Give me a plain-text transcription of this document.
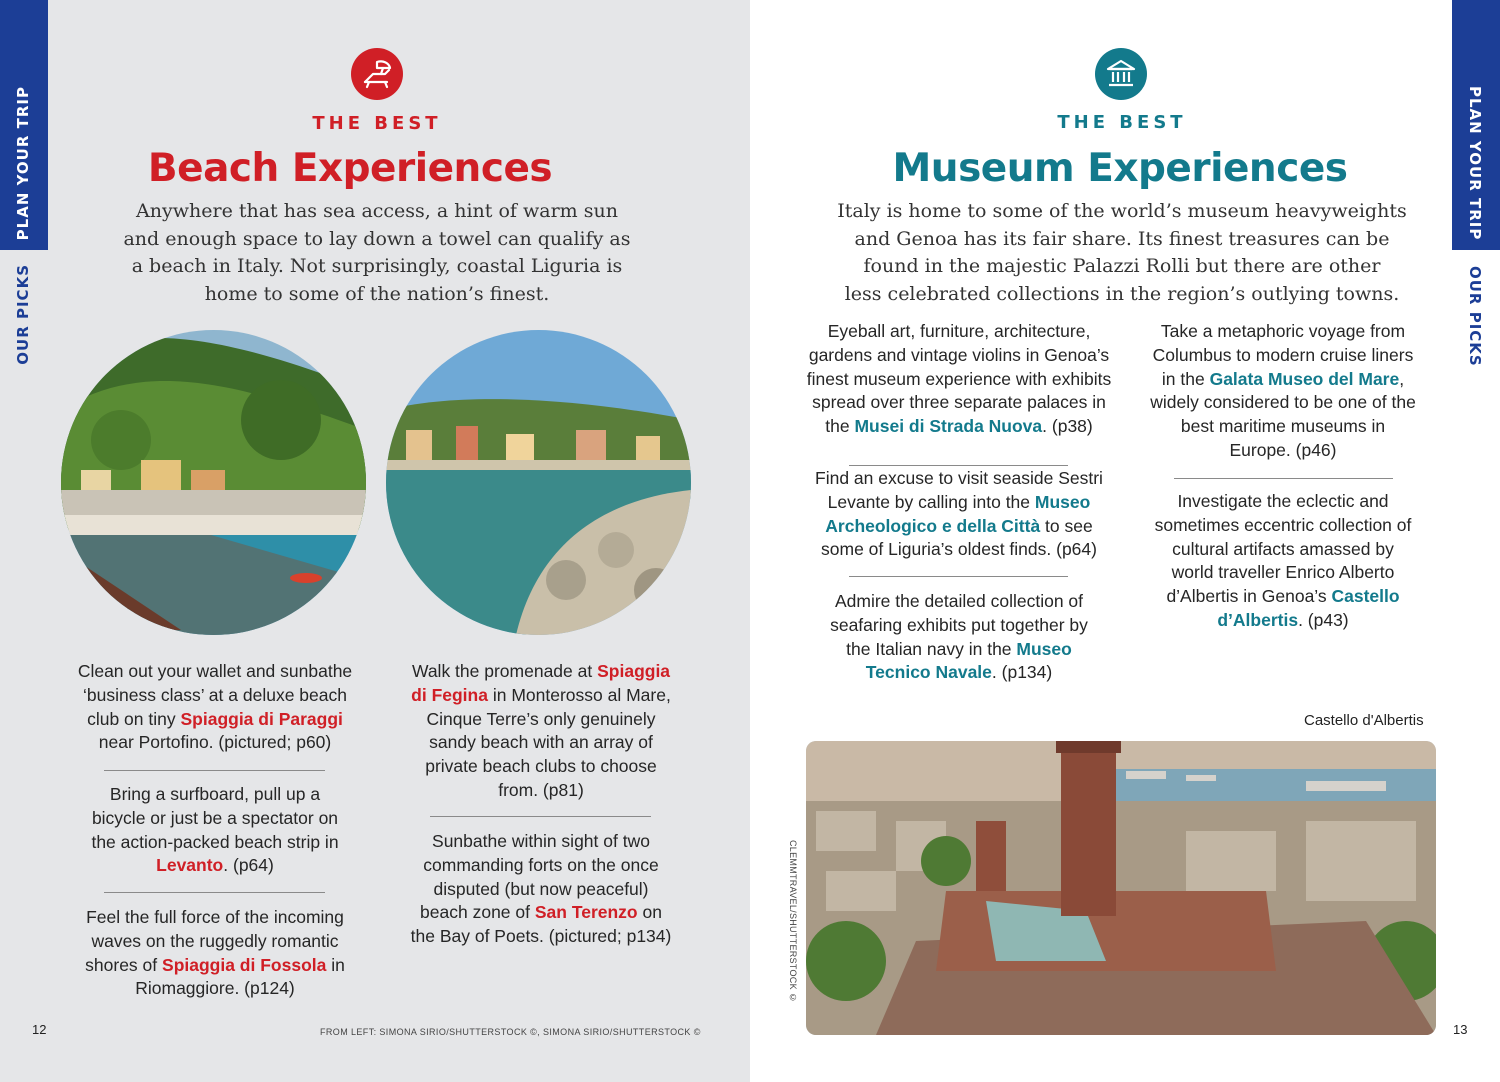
PLAN YOUR TRIP
OUR PICKS
PLAN YOUR TRIP
OUR PICKS
THE BEST
Beach Experiences
Anywhere that has sea access, a hint of warm sun
and enough space to lay down a towel can qualify as
a beach in Italy. Not surprisingly, coastal Liguria is
home to some of the nation’s finest.
Clean out your wallet and sunbathe ‘business class’ at a deluxe beach club on tiny Spiaggia di Paraggi near Portofino. (pictured; p60)
Bring a surfboard, pull up a bicycle or just be a spectator on the action-packed beach strip in Levanto. (p64)
Feel the full force of the incoming waves on the ruggedly romantic shores of Spiaggia di Fossola in Riomaggiore. (p124)
Walk the promenade at Spiaggia di Fegina in Monterosso al Mare, Cinque Terre’s only genuinely sandy beach with an array of private beach clubs to choose from. (p81)
Sunbathe within sight of two commanding forts on the once disputed (but now peaceful) beach zone of San Terenzo on the Bay of Poets. (pictured; p134)
12	FROM LEFT: SIMONA SIRIO/SHUTTERSTOCK ©, SIMONA SIRIO/SHUTTERSTOCK ©
THE BEST
Museum Experiences
Italy is home to some of the world’s museum heavyweights
and Genoa has its fair share. Its finest treasures can be
found in the majestic Palazzi Rolli but there are other
less celebrated collections in the region’s outlying towns.
Eyeball art, furniture, architecture, gardens and vintage violins in Genoa’s finest museum experience with exhibits spread over three separate palaces in the Musei di Strada Nuova. (p38)
Find an excuse to visit seaside Sestri Levante by calling into the Museo Archeologico e della Città to see some of Liguria’s oldest finds. (p64)
Admire the detailed collection of seafaring exhibits put together by the Italian navy in the Museo Tecnico Navale. (p134)
Take a metaphoric voyage from Columbus to modern cruise liners in the Galata Museo del Mare, widely considered to be one of the best maritime museums in Europe. (p46)
Investigate the eclectic and sometimes eccentric collection of cultural artifacts amassed by world traveller Enrico Alberto d’Albertis in Genoa’s Castello d’Albertis. (p43)
Castello d'Albertis
CLEMMTRAVEL/SHUTTERSTOCK ©
13
